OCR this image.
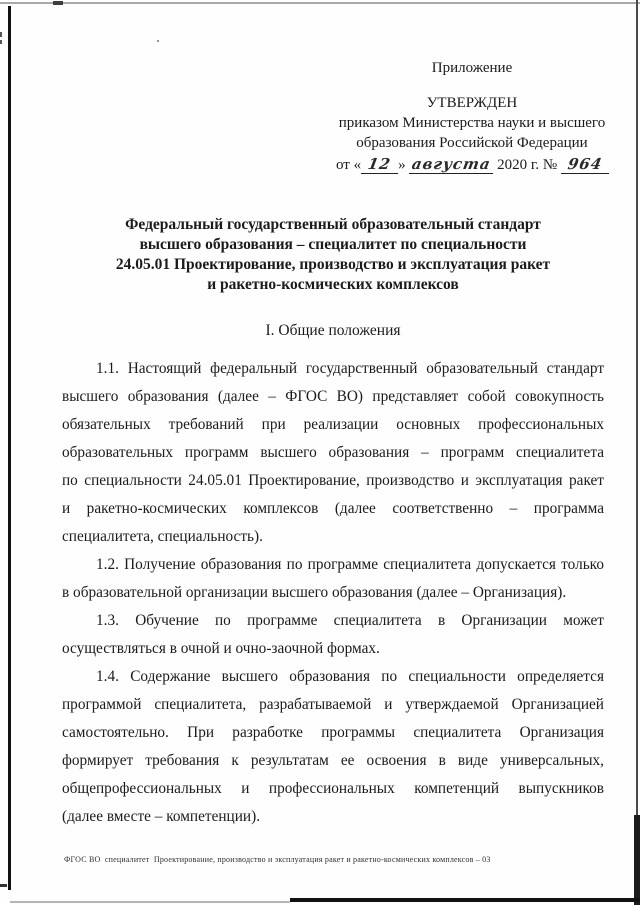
Приложение
УТВЕРЖДЕН
приказом Министерства науки и высшего
образования Российской Федерации
от « 12 » августа 2020 г. № 964
Федеральный государственный образовательный стандарт
высшего образования – специалитет по специальности
24.05.01 Проектирование, производство и эксплуатация ракет
и ракетно-космических комплексов
I. Общие положения
1.1. Настоящий федеральный государственный образовательный стандарт
высшего образования (далее – ФГОС ВО) представляет собой совокупность
обязательных требований при реализации основных профессиональных
образовательных программ высшего образования – программ специалитета
по специальности 24.05.01 Проектирование, производство и эксплуатация ракет
и ракетно-космических комплексов (далее соответственно – программа
специалитета, специальность).
1.2. Получение образования по программе специалитета допускается только
в образовательной организации высшего образования (далее – Организация).
1.3. Обучение по программе специалитета в Организации может
осуществляться в очной и очно-заочной формах.
1.4. Содержание высшего образования по специальности определяется
программой специалитета, разрабатываемой и утверждаемой Организацией
самостоятельно. При разработке программы специалитета Организация
формирует требования к результатам ее освоения в виде универсальных,
общепрофессиональных и профессиональных компетенций выпускников
(далее вместе – компетенции).
ФГОС ВО  специалитет  Проектирование, производство и эксплуатация ракет и ракетно-космических комплексов – 03
